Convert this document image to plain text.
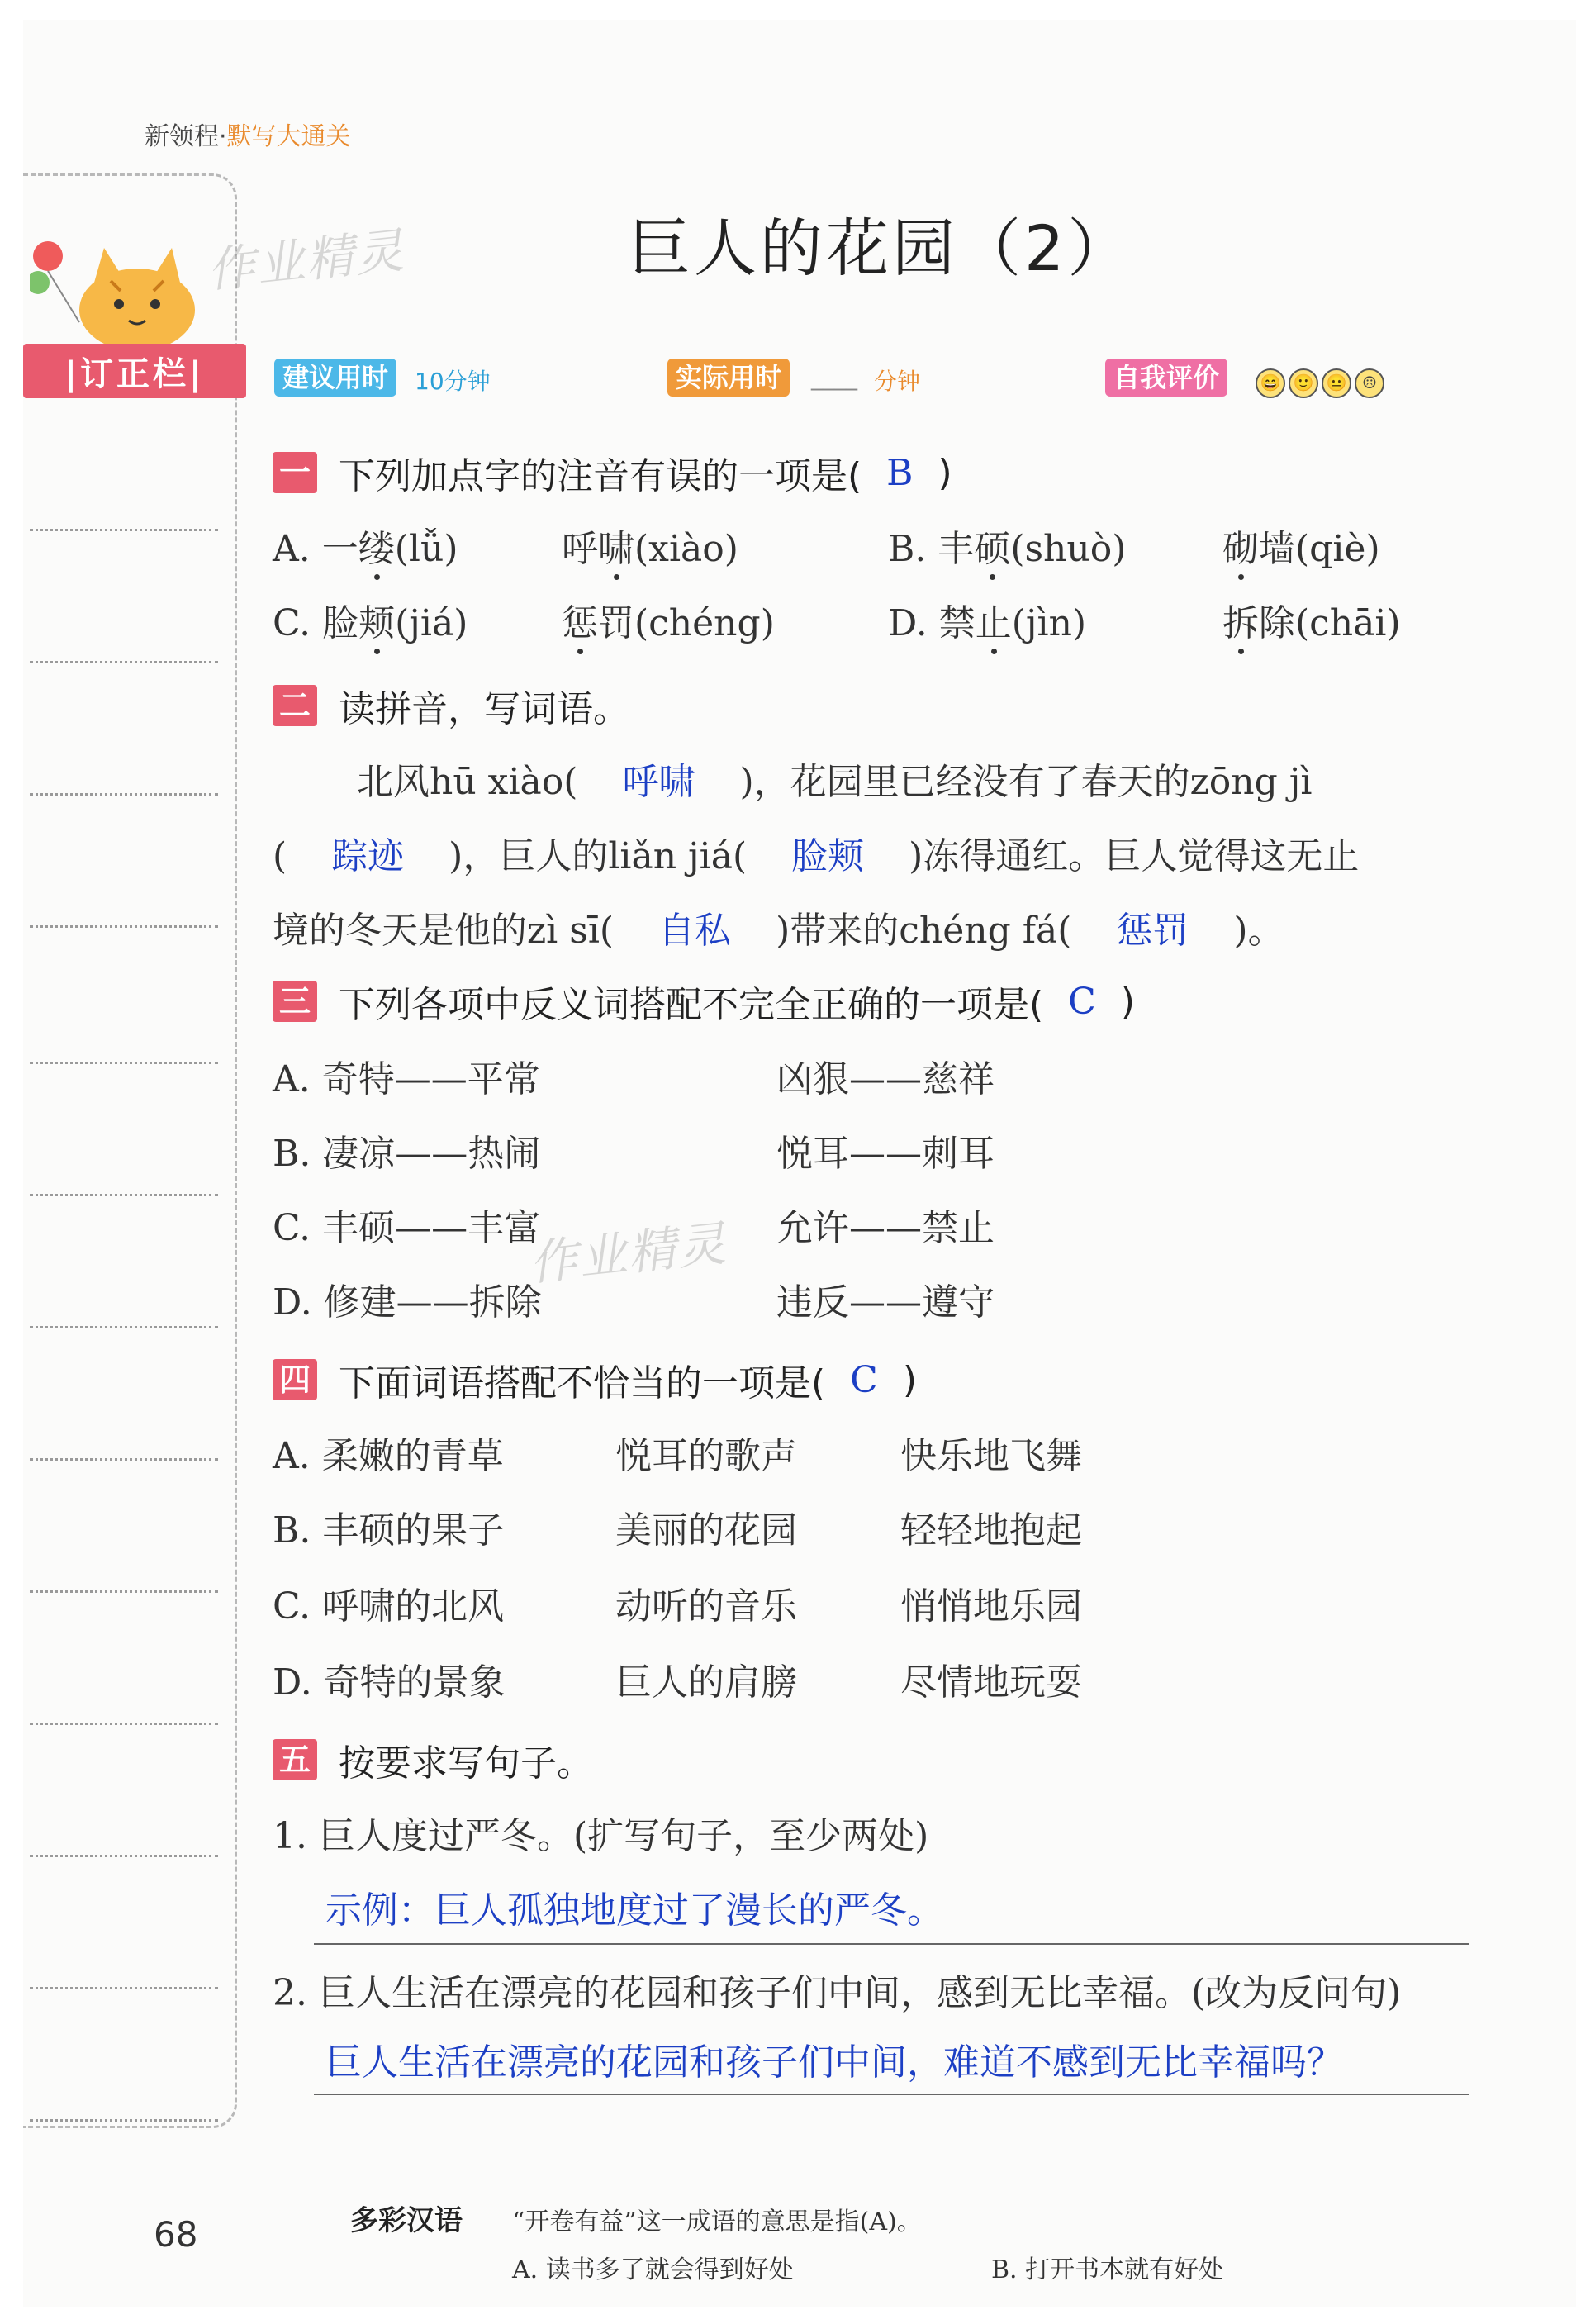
新领程·默写大通关
|订正栏|
作业精灵
作业精灵
巨人的花园（2）
建议用时	10分钟	实际用时	____ 分钟	自我评价	😄 🙂 😐 ☹
一 下列加点字的注音有误的一项是( B )
A. 一缕(lǚ)	呼啸(xiào)	B. 丰硕(shuò)	砌墙(qiè)
C. 脸颊(jiá)	惩罚(chéng)	D. 禁止(jìn)	拆除(chāi)
二 读拼音，写词语。
北风hū xiào( 呼啸 )，花园里已经没有了春天的zōng jì
( 踪迹 )，巨人的liǎn jiá( 脸颊 )冻得通红。巨人觉得这无止
境的冬天是他的zì sī( 自私 )带来的chéng fá( 惩罚 )。
三 下列各项中反义词搭配不完全正确的一项是( C )
A. 奇特——平常	凶狠——慈祥
B. 凄凉——热闹	悦耳——刺耳
C. 丰硕——丰富	允许——禁止
D. 修建——拆除	违反——遵守
四 下面词语搭配不恰当的一项是( C )
A. 柔嫩的青草	悦耳的歌声	快乐地飞舞
B. 丰硕的果子	美丽的花园	轻轻地抱起
C. 呼啸的北风	动听的音乐	悄悄地乐园
D. 奇特的景象	巨人的肩膀	尽情地玩耍
五 按要求写句子。
1. 巨人度过严冬。(扩写句子，至少两处)
示例：巨人孤独地度过了漫长的严冬。
2. 巨人生活在漂亮的花园和孩子们中间，感到无比幸福。(改为反问句)
巨人生活在漂亮的花园和孩子们中间，难道不感到无比幸福吗？
68	多彩汉语 “开卷有益”这一成语的意思是指(A)。
A. 读书多了就会得到好处	B. 打开书本就有好处
